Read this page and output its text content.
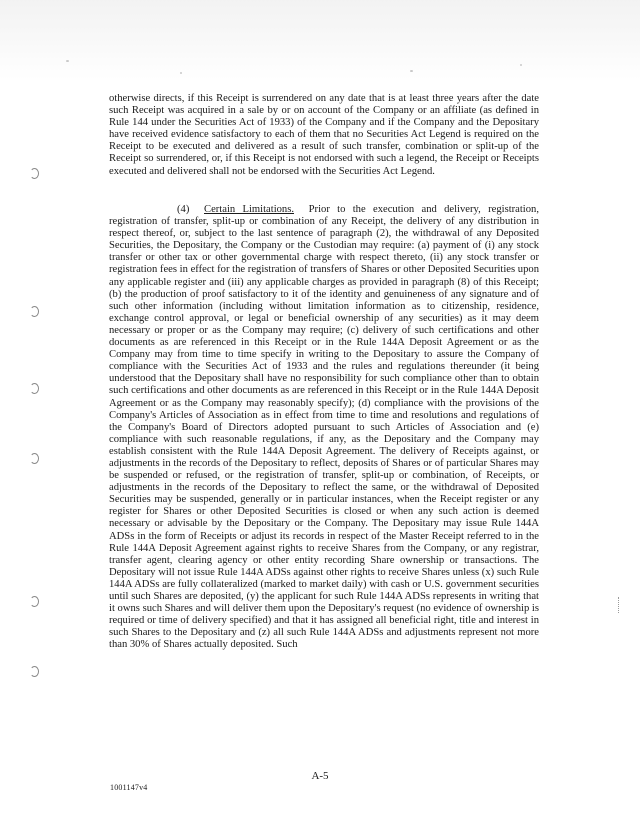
otherwise directs, if this Receipt is surrendered on any date that is at least three years after the date such Receipt was acquired in a sale by or on account of the Company or an affiliate (as defined in Rule 144 under the Securities Act of 1933) of the Company and if the Company and the Depositary have received evidence satisfactory to each of them that no Securities Act Legend is required on the Receipt to be executed and delivered as a result of such transfer, combination or split-up of the Receipt so surrendered, or, if this Receipt is not endorsed with such a legend, the Receipt or Receipts executed and delivered shall not be endorsed with the Securities Act Legend.
(4) Certain Limitations. Prior to the execution and delivery, registration, registration of transfer, split-up or combination of any Receipt, the delivery of any distribution in respect thereof, or, subject to the last sentence of paragraph (2), the withdrawal of any Deposited Securities, the Depositary, the Company or the Custodian may require: (a) payment of (i) any stock transfer or other tax or other governmental charge with respect thereto, (ii) any stock transfer or registration fees in effect for the registration of transfers of Shares or other Deposited Securities upon any applicable register and (iii) any applicable charges as provided in paragraph (8) of this Receipt; (b) the production of proof satisfactory to it of the identity and genuineness of any signature and of such other information (including without limitation information as to citizenship, residence, exchange control approval, or legal or beneficial ownership of any securities) as it may deem necessary or proper or as the Company may require; (c) delivery of such certifications and other documents as are referenced in this Receipt or in the Rule 144A Deposit Agreement or as the Company may from time to time specify in writing to the Depositary to assure the Company of compliance with the Securities Act of 1933 and the rules and regulations thereunder (it being understood that the Depositary shall have no responsibility for such compliance other than to obtain such certifications and other documents as are referenced in this Receipt or in the Rule 144A Deposit Agreement or as the Company may reasonably specify); (d) compliance with the provisions of the Company's Articles of Association as in effect from time to time and resolutions and regulations of the Company's Board of Directors adopted pursuant to such Articles of Association and (e) compliance with such reasonable regulations, if any, as the Depositary and the Company may establish consistent with the Rule 144A Deposit Agreement. The delivery of Receipts against, or adjustments in the records of the Depositary to reflect, deposits of Shares or of particular Shares may be suspended or refused, or the registration of transfer, split-up or combination, of Receipts, or adjustments in the records of the Depositary to reflect the same, or the withdrawal of Deposited Securities may be suspended, generally or in particular instances, when the Receipt register or any register for Shares or other Deposited Securities is closed or when any such action is deemed necessary or advisable by the Depositary or the Company. The Depositary may issue Rule 144A ADSs in the form of Receipts or adjust its records in respect of the Master Receipt referred to in the Rule 144A Deposit Agreement against rights to receive Shares from the Company, or any registrar, transfer agent, clearing agency or other entity recording Share ownership or transactions. The Depositary will not issue Rule 144A ADSs against other rights to receive Shares unless (x) such Rule 144A ADSs are fully collateralized (marked to market daily) with cash or U.S. government securities until such Shares are deposited, (y) the applicant for such Rule 144A ADSs represents in writing that it owns such Shares and will deliver them upon the Depositary's request (no evidence of ownership is required or time of delivery specified) and that it has assigned all beneficial right, title and interest in such Shares to the Depositary and (z) all such Rule 144A ADSs and adjustments represent not more than 30% of Shares actually deposited. Such
A-5
1001147v4
